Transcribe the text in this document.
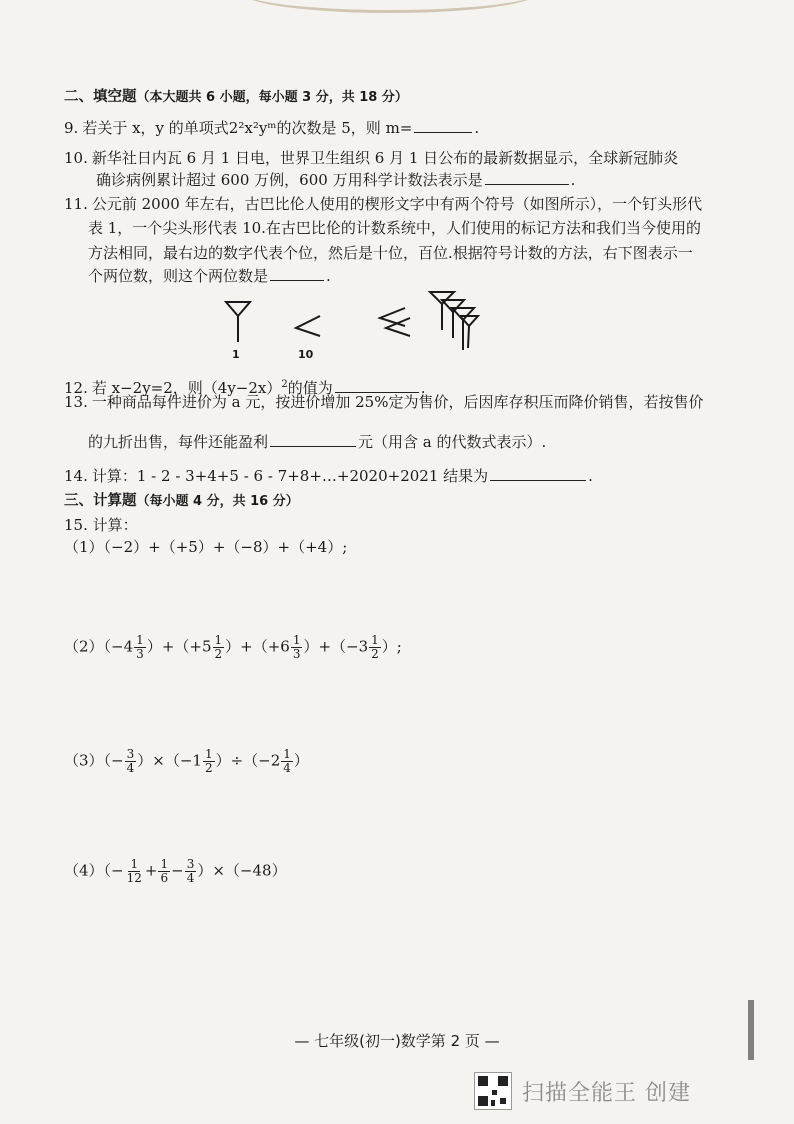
二、填空题（本大题共 6 小题，每小题 3 分，共 18 分）
9. 若关于 x，y 的单项式2²x²yᵐ的次数是 5，则 m=	.
10. 新华社日内瓦 6 月 1 日电，世界卫生组织 6 月 1 日公布的最新数据显示，全球新冠肺炎
确诊病例累计超过 600 万例，600 万用科学计数法表示是	.
11. 公元前 2000 年左右，古巴比伦人使用的楔形文字中有两个符号（如图所示），一个钉头形代
表 1，一个尖头形代表 10.在古巴比伦的计数系统中，人们使用的标记方法和我们当今使用的
方法相同，最右边的数字代表个位，然后是十位，百位.根据符号计数的方法，右下图表示一
个两位数，则这个两位数是	.
1	10
12. 若 x−2y=2，则$(4y-2x)^2$的值为	.
13. 一种商品每件进价为 a 元，按进价增加 25%定为售价，后因库存积压而降价销售，若按售价
的九折出售，每件还能盈利	元（用含 a 的代数式表示）.
14. 计算：1 - 2 - 3+4+5 - 6 - 7+8+…+2020+2021 结果为	.
三、计算题（每小题 4 分，共 16 分）
15. 计算：
（1）（−2）+（+5）+（−8）+（+4）;
$(2)(-4 \frac{1}{3} )+(+5 \frac{1}{2} )+(+6 \frac{1}{3} )+(-3 \frac{1}{2}$ ）;
$(3)(- \frac{3}{4} )\times(-1 \frac{1}{2} )\div(-2 \frac{1}{4}$ ）
$(4)(- \frac{1}{12} + \frac{1}{6} - \frac{3}{4} )\times(-48)$
— 七年级(初一)数学第 2 页 —
扫描全能王 创建
